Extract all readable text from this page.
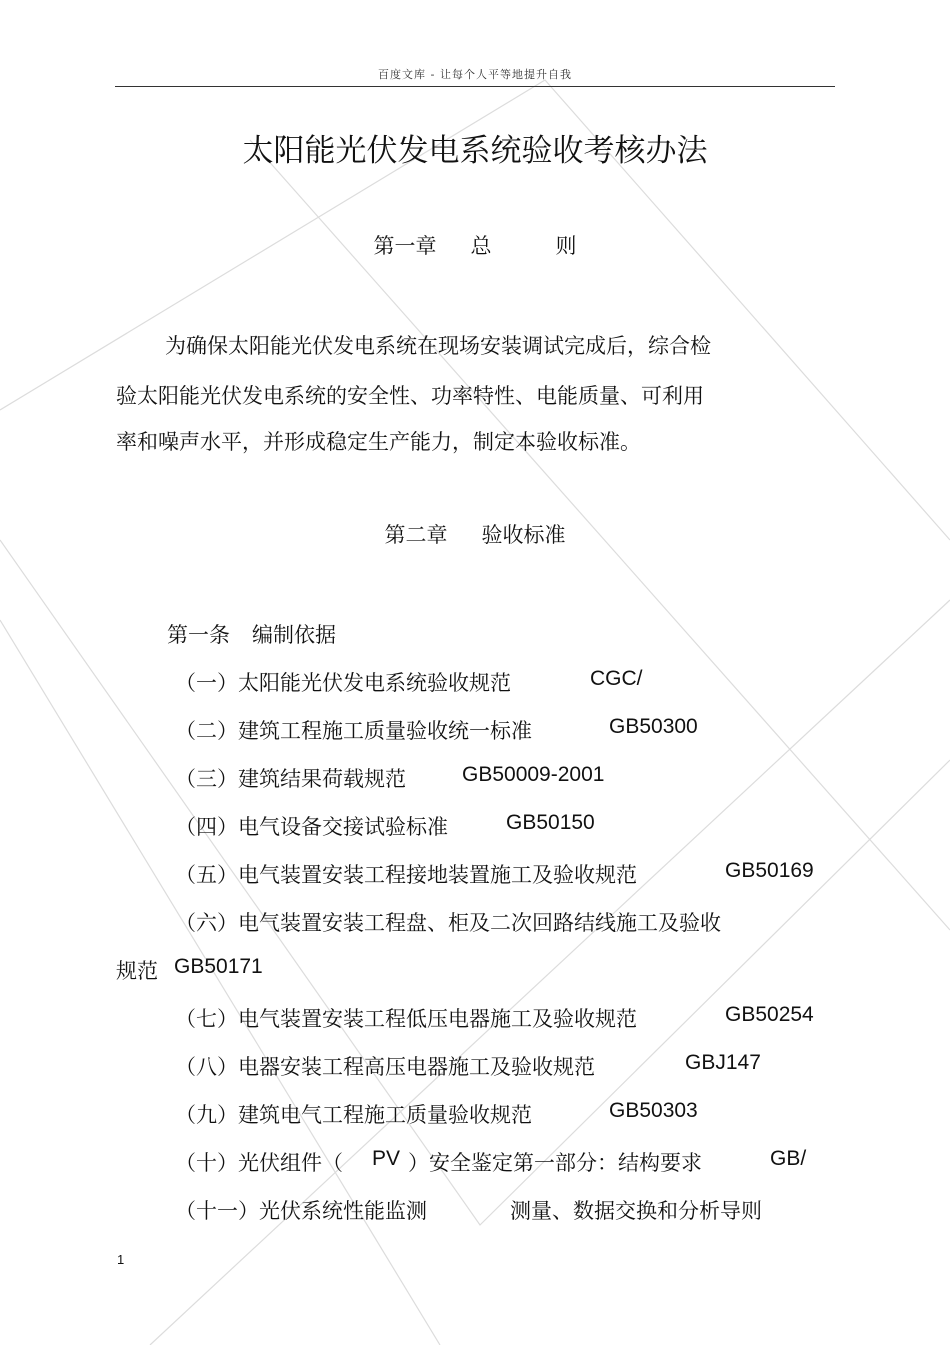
百度文库 - 让每个人平等地提升自我
太阳能光伏发电系统验收考核办法
第一章 总	则
为确保太阳能光伏发电系统在现场安装调试完成后，综合检
验太阳能光伏发电系统的安全性、功率特性、电能质量、可利用
率和噪声水平，并形成稳定生产能力，制定本验收标准。
第二章 验收标准
第一条 编制依据
（一）太阳能光伏发电系统验收规范	CGC/
（二）建筑工程施工质量验收统一标准	GB50300
（三）建筑结果荷载规范	GB50009-2001
（四）电气设备交接试验标准	GB50150
（五）电气装置安装工程接地装置施工及验收规范	GB50169
（六）电气装置安装工程盘、柜及二次回路结线施工及验收
规范 GB50171
（七）电气装置安装工程低压电器施工及验收规范	GB50254
（八）电器安装工程高压电器施工及验收规范	GBJ147
（九）建筑电气工程施工质量验收规范	GB50303
（十）光伏组件（ PV ）安全鉴定第一部分：结构要求	GB/
（十一）光伏系统性能监测	测量、数据交换和分析导则
1
